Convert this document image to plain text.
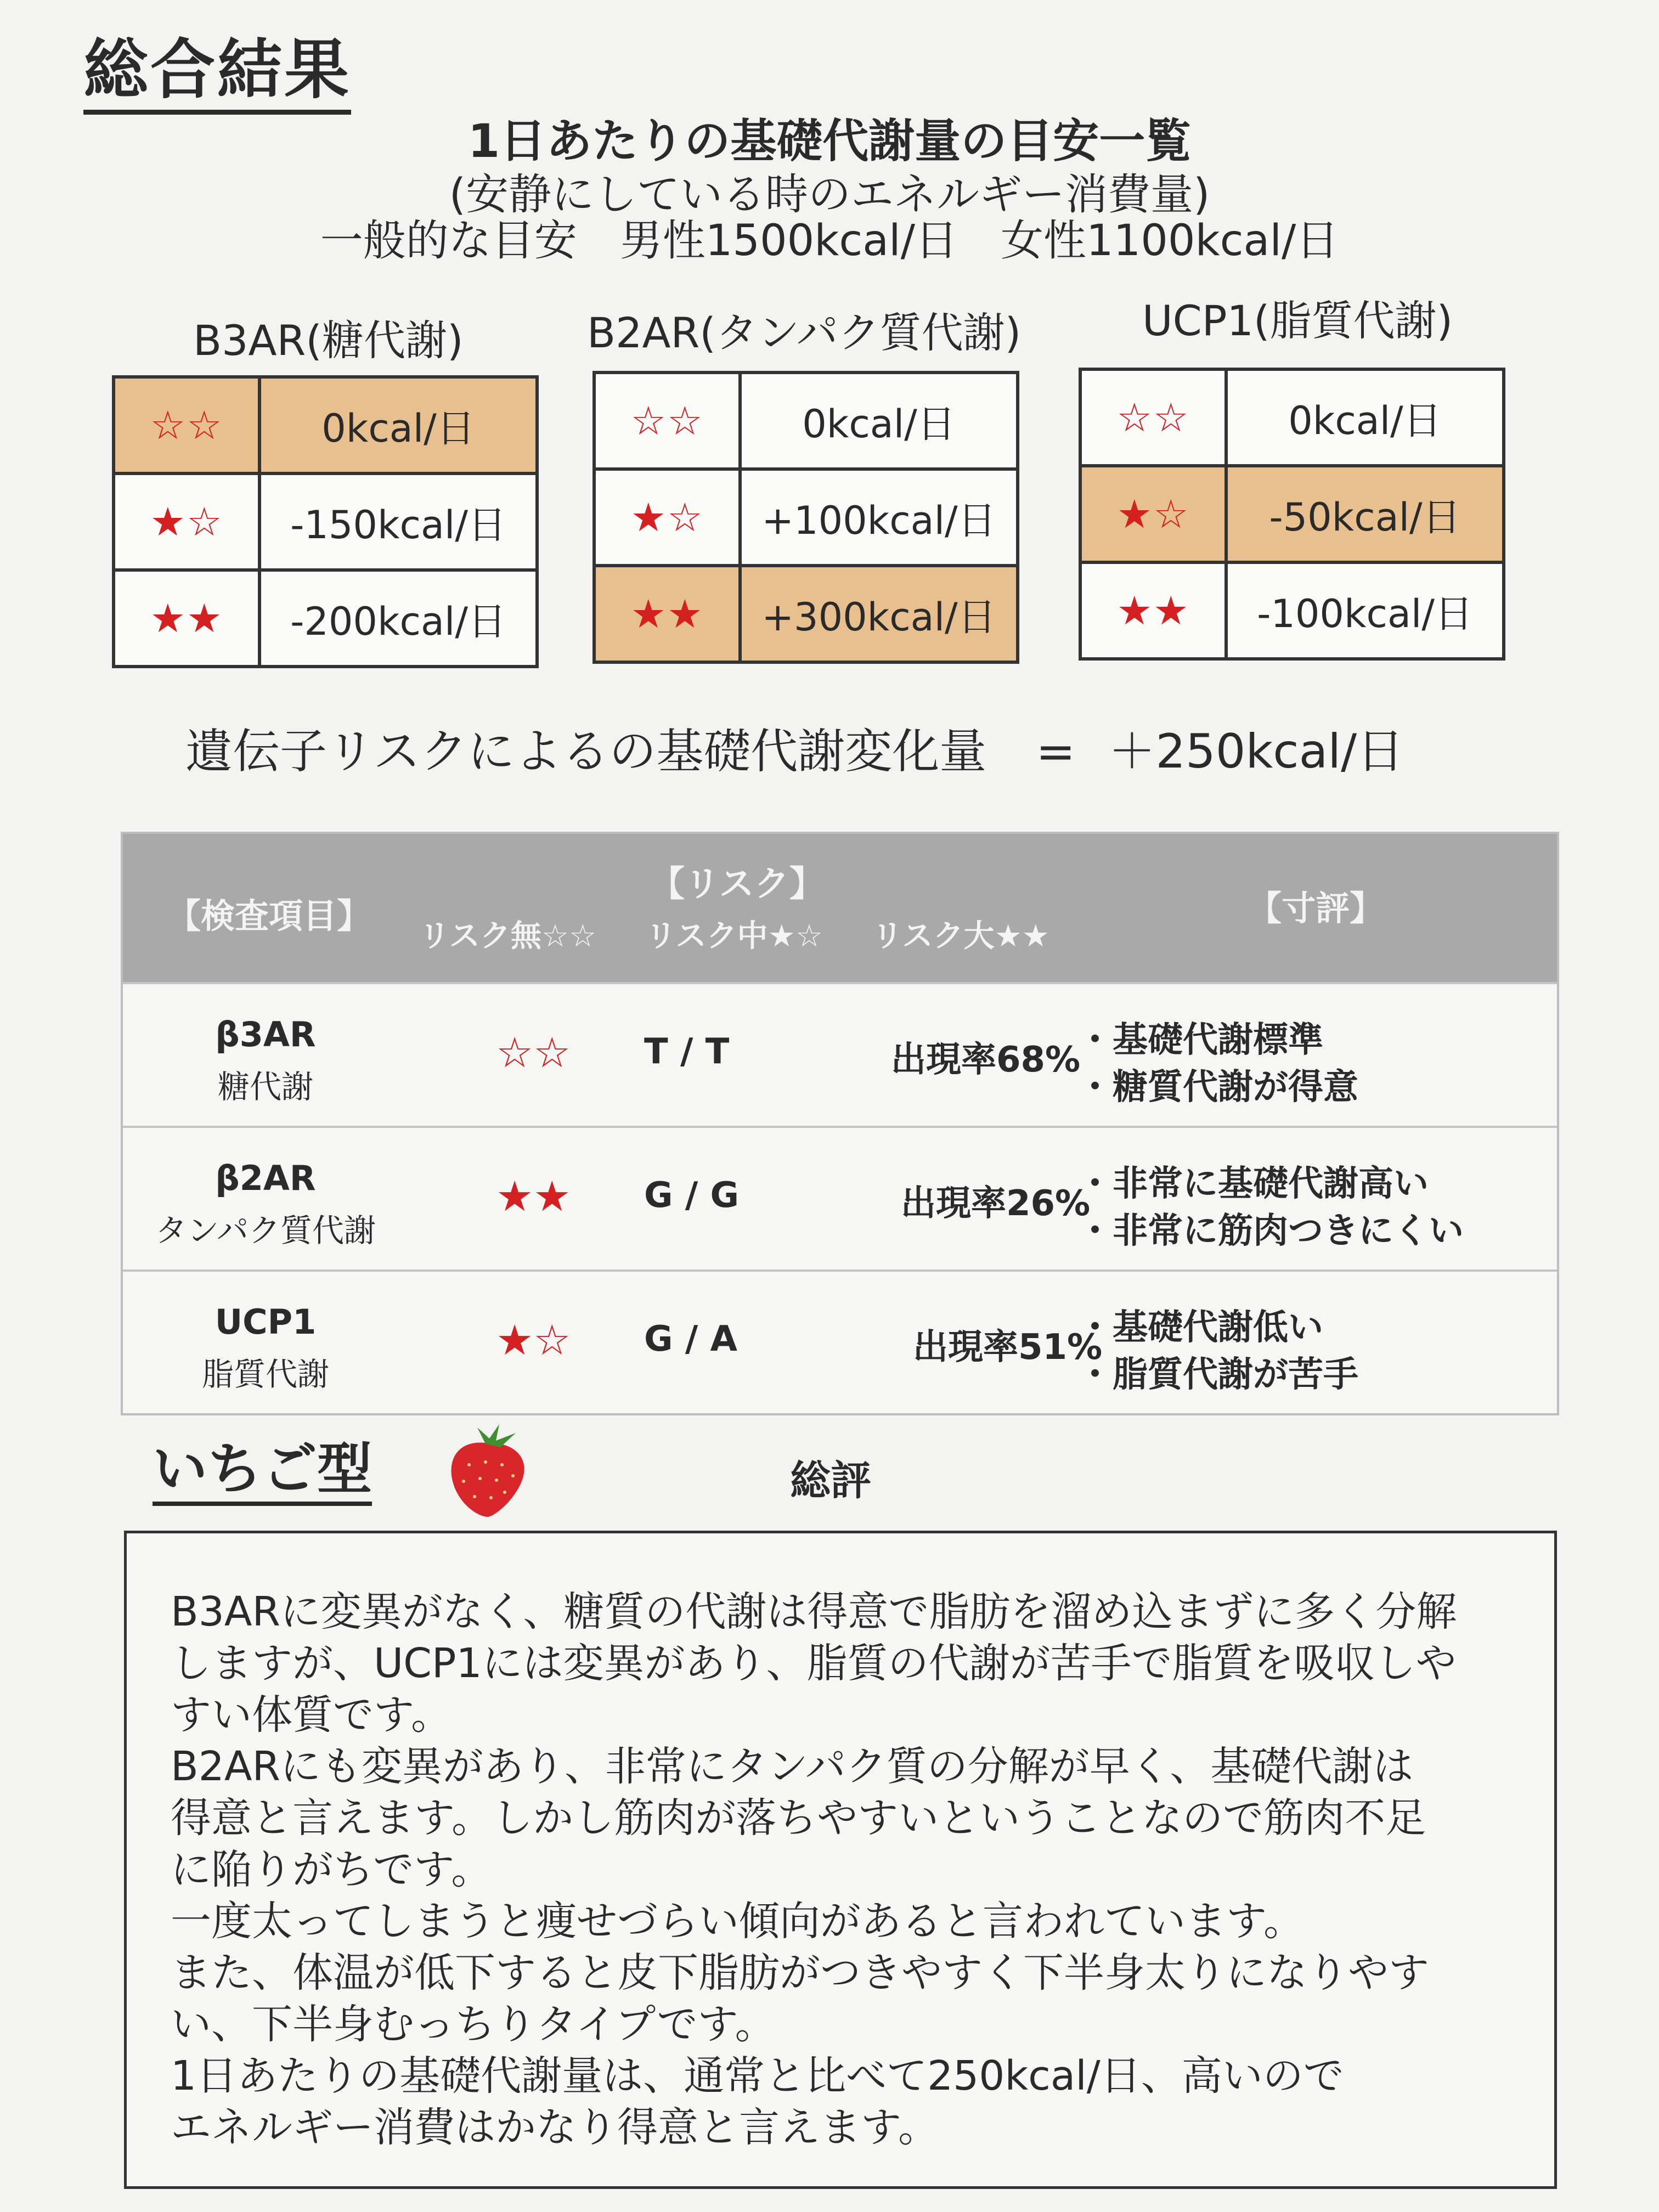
総合結果
1日あたりの基礎代謝量の目安一覧
(安静にしている時のエネルギー消費量)
一般的な目安　男性1500kcal/日　女性1100kcal/日
B3AR(糖代謝)
☆☆	0kcal/日
★☆	-150kcal/日
★★	-200kcal/日
B2AR(タンパク質代謝)
☆☆	0kcal/日
★☆	+100kcal/日
★★	+300kcal/日
UCP1(脂質代謝)
☆☆	0kcal/日
★☆	-50kcal/日
★★	-100kcal/日
遺伝子リスクによるの基礎代謝変化量 = ＋250kcal/日
【検査項目】
【リスク】
リスク無☆☆ リスク中★☆ リスク大★★
【寸評】
β3AR
糖代謝
☆☆ T / T	出現率68%
・基礎代謝標準
・糖質代謝が得意
β2AR
タンパク質代謝
★★ G / G	出現率26%
・非常に基礎代謝高い
・非常に筋肉つきにくい
UCP1
脂質代謝
★☆ G / A	出現率51%
・基礎代謝低い
・脂質代謝が苦手
いちご型	総評

B3ARに変異がなく、糖質の代謝は得意で脂肪を溜め込まずに多く分解

しますが、UCP1には変異があり、脂質の代謝が苦手で脂質を吸収しや

すい体質です。

B2ARにも変異があり、非常にタンパク質の分解が早く、基礎代謝は

得意と言えます。しかし筋肉が落ちやすいということなので筋肉不足

に陥りがちです。

一度太ってしまうと痩せづらい傾向があると言われています。

また、体温が低下すると皮下脂肪がつきやすく下半身太りになりやす

い、下半身むっちりタイプです。

1日あたりの基礎代謝量は、通常と比べて250kcal/日、高いので

エネルギー消費はかなり得意と言えます。
